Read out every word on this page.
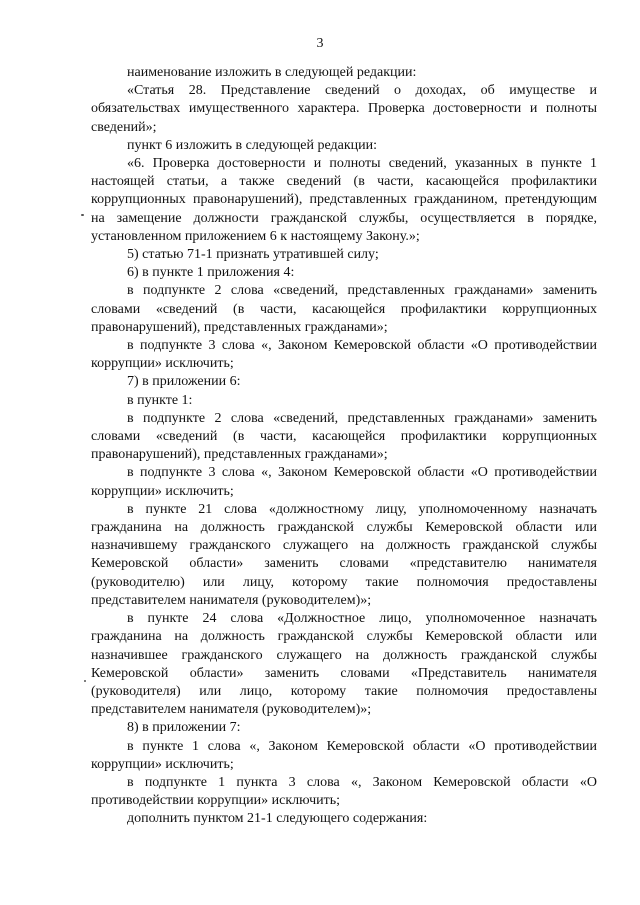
3

наименование изложить в следующей редакции:

«Статья 28. Представление сведений о доходах, об имуществе и обязательствах имущественного характера. Проверка достоверности и полноты сведений»;

пункт 6 изложить в следующей редакции:

«6. Проверка достоверности и полноты сведений, указанных в пункте 1 настоящей статьи, а также сведений (в части, касающейся профилактики коррупционных правонарушений), представленных гражданином, претендующим на замещение должности гражданской службы, осуществляется в порядке, установленном приложением 6 к настоящему Закону.»;

5) статью 71-1 признать утратившей силу;

6) в пункте 1 приложения 4:

в подпункте 2 слова «сведений, представленных гражданами» заменить словами «сведений (в части, касающейся профилактики коррупционных правонарушений), представленных гражданами»;

в подпункте 3 слова «, Законом Кемеровской области «О противодействии коррупции» исключить;

7) в приложении 6:

в пункте 1:

в подпункте 2 слова «сведений, представленных гражданами» заменить словами «сведений (в части, касающейся профилактики коррупционных правонарушений), представленных гражданами»;

в подпункте 3 слова «, Законом Кемеровской области «О противодействии коррупции» исключить;

в пункте 21 слова «должностному лицу, уполномоченному назначать гражданина на должность гражданской службы Кемеровской области или назначившему гражданского служащего на должность гражданской службы Кемеровской области» заменить словами «представителю нанимателя (руководителю) или лицу, которому такие полномочия предоставлены представителем нанимателя (руководителем)»;

в пункте 24 слова «Должностное лицо, уполномоченное назначать гражданина на должность гражданской службы Кемеровской области или назначившее гражданского служащего на должность гражданской службы Кемеровской области» заменить словами «Представитель нанимателя (руководителя) или лицо, которому такие полномочия предоставлены представителем нанимателя (руководителем)»;

8) в приложении 7:

в пункте 1 слова «, Законом Кемеровской области «О противодействии коррупции» исключить;

в подпункте 1 пункта 3 слова «, Законом Кемеровской области «О противодействии коррупции» исключить;

дополнить пунктом 21-1 следующего содержания:
